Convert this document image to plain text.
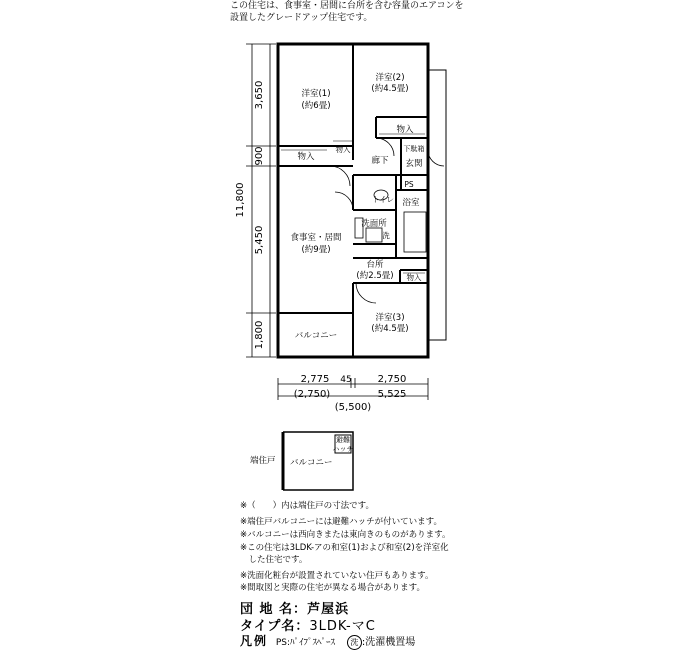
この住宅は、食事室・居間に台所を含む容量のエアコンを
設置したグレードアップ住宅です。
洋室(1)
(約6畳)
洋室(2)
(約4.5畳)
物入
物入
物入	下駄箱
玄関
廊下
PS
トイレ 浴室
洗面所
洗
食事室・居間
(約9畳)
台所
(約2.5畳) 物入
洋室(3)
(約4.5畳)
バルコニー
3,650
900
5,450
1,800
11,800
2,775 45	2,750
(2,750)	5,525
(5,500)
端住戸 バルコニー
避難
ハッチ
※（　　）内は端住戸の寸法です。
※端住戸バルコニーには避難ハッチが付いています。
※バルコニーは西向きまたは東向きのものがあります。
※この住宅は3LDK-アの和室(1)および和室(2)を洋室化
　した住宅です。
※洗面化粧台が設置されていない住戸もあります。
※間取図と実際の住宅が異なる場合があります。
団 地 名：芦屋浜
タイプ名：3LDK-マC
凡例 PS:ﾊﾟｲﾌﾟｽﾍﾟｰｽ 洗 :洗濯機置場
